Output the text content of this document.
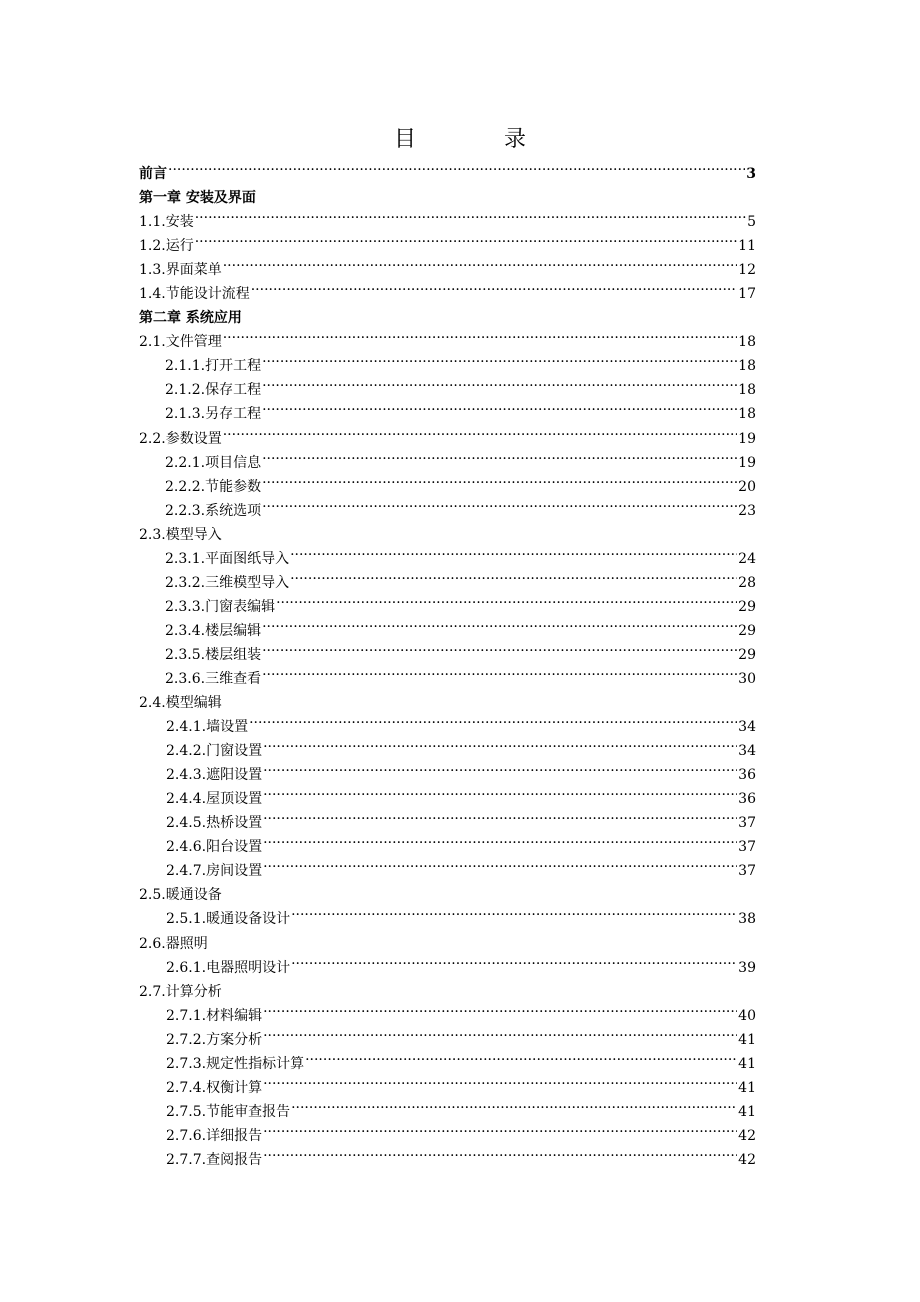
目	录
前言 ·····	3
第一章 安装及界面
1.1.安装 ·····	5
1.2.运行 ·····	11
1.3.界面菜单 ·····	12
1.4.节能设计流程 ·····	17
第二章 系统应用
2.1.文件管理 ·····	18
2.1.1.打开工程 ·····	18
2.1.2.保存工程 ·····	18
2.1.3.另存工程 ·····	18
2.2.参数设置 ·····	19
2.2.1.项目信息 ·····	19
2.2.2.节能参数 ·····	20
2.2.3.系统选项 ·····	23
2.3.模型导入
2.3.1.平面图纸导入 ·····	24
2.3.2.三维模型导入 ·····	28
2.3.3.门窗表编辑 ·····	29
2.3.4.楼层编辑 ·····	29
2.3.5.楼层组装 ·····	29
2.3.6.三维查看 ·····	30
2.4.模型编辑
2.4.1.墙设置 ·····	34
2.4.2.门窗设置 ·····	34
2.4.3.遮阳设置 ·····	36
2.4.4.屋顶设置 ·····	36
2.4.5.热桥设置 ·····	37
2.4.6.阳台设置 ·····	37
2.4.7.房间设置 ·····	37
2.5.暖通设备
2.5.1.暖通设备设计 ·····	38
2.6.器照明
2.6.1.电器照明设计 ·····	39
2.7.计算分析
2.7.1.材料编辑 ·····	40
2.7.2.方案分析 ·····	41
2.7.3.规定性指标计算 ·····	41
2.7.4.权衡计算 ·····	41
2.7.5.节能审查报告 ·····	41
2.7.6.详细报告 ·····	42
2.7.7.查阅报告 ·····	42
